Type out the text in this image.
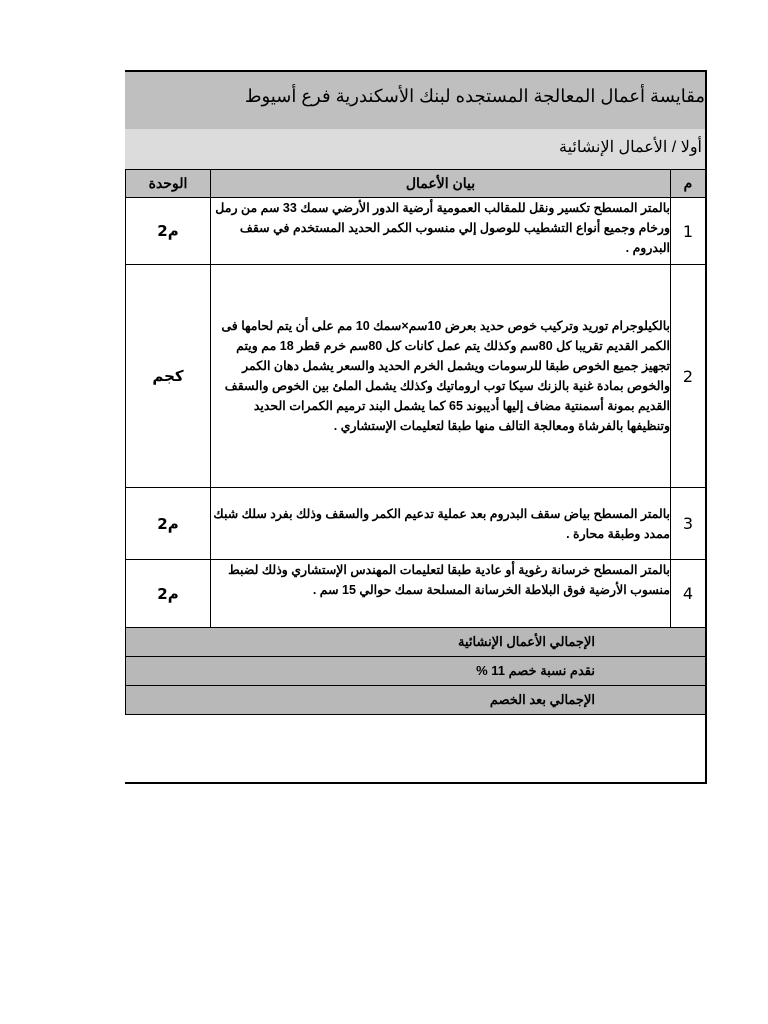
مقايسة أعمال المعالجة المستجده لبنك الأسكندرية فرع أسيوط
أولا / الأعمال الإنشائية
الوحدة	بيان الأعمال	م
م2	بالمتر المسطح تكسير ونقل للمقالب العمومية أرضية الدور الأرضي سمك 33 سم من رمل ورخام وجميع أنواع التشطيب للوصول إلي منسوب الكمر الحديد المستخدم في سقف البدروم .	1
كجم	بالكيلوجرام توريد وتركيب خوص حديد بعرض 10سم×سمك 10 مم على أن يتم لحامها فى الكمر القديم تقريبا كل 80سم وكذلك يتم عمل كانات كل 80سم خرم قطر 18 مم ويتم تجهيز جميع الخوص طبقا للرسومات ويشمل الخرم الحديد والسعر يشمل دهان الكمر والخوص بمادة غنية بالزنك سيكا توب اروماتيك وكذلك يشمل الملئ بين الخوص والسقف القديم بمونة أسمنتية مضاف إليها أديبوند 65 كما يشمل البند ترميم الكمرات الحديد وتنظيفها بالفرشاة ومعالجة التالف منها طبقا لتعليمات الإستشاري .	2
م2	بالمتر المسطح بياض سقف البدروم بعد عملية تدعيم الكمر والسقف وذلك بفرد سلك شبك ممدد وطبقة محارة .	3
م2	بالمتر المسطح خرسانة رغوية أو عادية طبقا لتعليمات المهندس الإستشاري وذلك لضبط منسوب الأرضية فوق البلاطة الخرسانة المسلحة سمك حوالي 15 سم .	4
الإجمالي الأعمال الإنشائية		
نقدم نسبة خصم 11 %		
الإجمالي بعد الخصم		
